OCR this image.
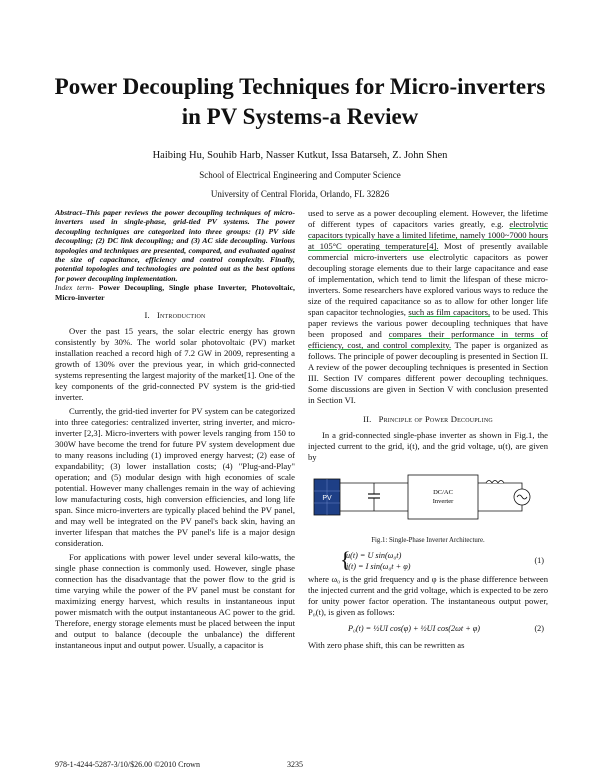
Power Decoupling Techniques for Micro-inverters
in PV Systems-a Review
Haibing Hu, Souhib Harb, Nasser Kutkut, Issa Batarseh, Z. John Shen
School of Electrical Engineering and Computer Science
University of Central Florida, Orlando, FL 32826

Abstract–This paper reviews the power decoupling techniques of micro-inverters used in single-phase, grid-tied PV systems. The power decoupling techniques are categorized into three groups: (1) PV side decoupling; (2) DC link decoupling; and (3) AC side decoupling. Various topologies and techniques are presented, compared, and evaluated against the size of capacitance, efficiency and control complexity. Finally, potential topologies and technologies are pointed out as the best options for power decoupling implementation.

Index term- Power Decoupling, Single phase Inverter, Photovoltaic, Micro-inverter

I. Introduction

Over the past 15 years, the solar electric energy has grown consistently by 30%. The world solar photovoltaic (PV) market installation reached a record high of 7.2 GW in 2009, representing a growth of 130% over the previous year, in which grid-connected systems representing the largest majority of the market[1]. One of the key components of the grid-connected PV system is the grid-tied inverter.

Currently, the grid-tied inverter for PV system can be categorized into three categories: centralized inverter, string inverter, and micro-inverter [2,3]. Micro-inverters with power levels ranging from 150 to 300W have become the trend for future PV system development due to many reasons including (1) improved energy harvest; (2) ease of expandability; (3) lower installation costs; (4) "Plug-and-Play" operation; and (5) modular design with high economies of scale potential. However many challenges remain in the way of achieving low manufacturing costs, high conversion efficiencies, and long life span. Since micro-inverters are typically placed behind the PV panel, and may well be integrated on the PV panel's back skin, having an inverter lifespan that matches the PV panel's life is a major design consideration.

For applications with power level under several kilo-watts, the single phase connection is commonly used. However, single phase connection has the disadvantage that the power flow to the grid is time varying while the power of the PV panel must be constant for maximizing energy harvest, which results in instantaneous input power mismatch with the output instantaneous AC power to the grid. Therefore, energy storage elements must be placed between the input and output to balance (decouple the unbalance) the different instantaneous input and output power. Usually, a capacitor is

used to serve as a power decoupling element. However, the lifetime of different types of capacitors varies greatly, e.g. electrolytic capacitors typically have a limited lifetime, namely 1000~7000 hours at 105°C operating temperature[4]. Most of presently available commercial micro-inverters use electrolytic capacitors as power decoupling storage elements due to their large capacitance and ease of implementation, which tend to limit the lifespan of these micro-inverters. Some researchers have explored various ways to reduce the size of the required capacitance so as to allow for other longer life span capacitor technologies, such as film capacitors, to be used. This paper reviews the various power decoupling techniques that have been proposed and compares their performance in terms of efficiency, cost, and control complexity. The paper is organized as follows. The principle of power decoupling is presented in Section II. A review of the power decoupling techniques is presented in Section III. Section IV compares different power decoupling techniques. Some discussions are given in Section V with conclusion presented in Section VI.

II. Principle of Power Decoupling

In a grid-connected single-phase inverter as shown in Fig.1, the injected current to the grid, i(t), and the grid voltage, u(t), are given by

PV
DC/AC
Inverter
Fig.1: Single-Phase Inverter Architecture.
{
u(t) = U sin(ω₀t)
i(t) = I sin(ω₀t + φ)
(1)

where ω₀ is the grid frequency and φ is the phase difference between the injected current and the grid voltage, which is expected to be zero for unity power factor operation. The instantaneous output power, P₀(t), is given as follows:

P₀(t) = ½UI cos(φ) + ½UI cos(2ωt + φ)	(2)

With zero phase shift, this can be rewritten as

978-1-4244-5287-3/10/$26.00 ©2010 Crown	3235
